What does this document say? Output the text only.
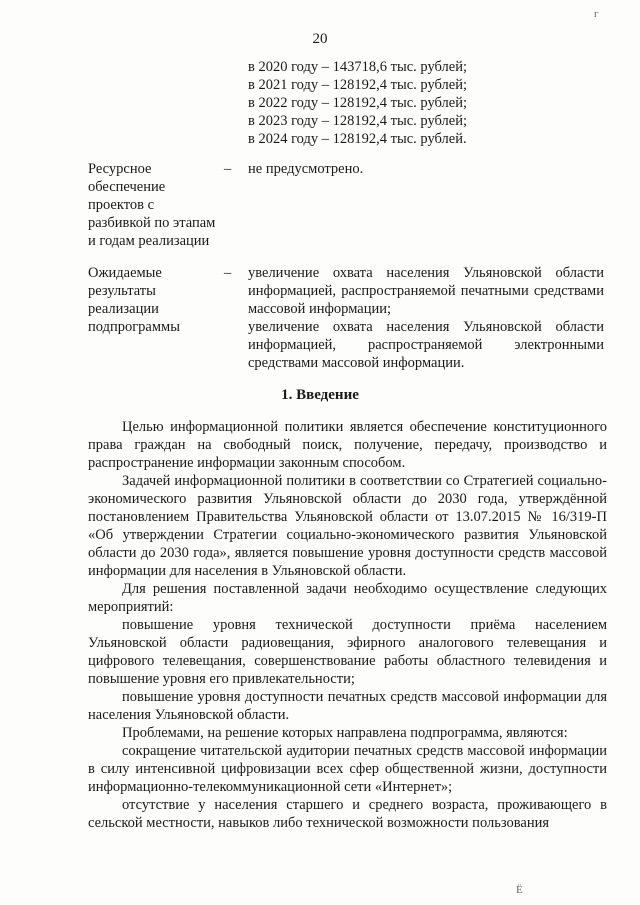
г
20
в 2020 году – 143718,6 тыс. рублей;
в 2021 году – 128192,4 тыс. рублей;
в 2022 году – 128192,4 тыс. рублей;
в 2023 году – 128192,4 тыс. рублей;
в 2024 году – 128192,4 тыс. рублей.
Ресурсное обеспечение проектов с разбивкой по этапам и годам реализации
– не предусмотрено.

Ожидаемые результаты реализации подпрограммы
– увеличение охвата населения Ульяновской области информацией, распространяемой печатными средствами массовой информации;

увеличение охвата населения Ульяновской области информацией, распространяемой электронными средствами массовой информации.

1. Введение

Целью информационной политики является обеспечение конституционного права граждан на свободный поиск, получение, передачу, производство и распространение информации законным способом.

Задачей информационной политики в соответствии со Стратегией социально-экономического развития Ульяновской области до 2030 года, утверждённой постановлением Правительства Ульяновской области от 13.07.2015 № 16/319-П «Об утверждении Стратегии социально-экономического развития Ульяновской области до 2030 года», является повышение уровня доступности средств массовой информации для населения в Ульяновской области.

Для решения поставленной задачи необходимо осуществление следующих мероприятий:

повышение уровня технической доступности приёма населением Ульяновской области радиовещания, эфирного аналогового телевещания и цифрового телевещания, совершенствование работы областного телевидения и повышение уровня его привлекательности;

повышение уровня доступности печатных средств массовой информации для населения Ульяновской области.

Проблемами, на решение которых направлена подпрограмма, являются:

сокращение читательской аудитории печатных средств массовой информации в силу интенсивной цифровизации всех сфер общественной жизни, доступности информационно-телекоммуникационной сети «Интернет»;

отсутствие у населения старшего и среднего возраста, проживающего в сельской местности, навыков либо технической возможности пользования

Ё
